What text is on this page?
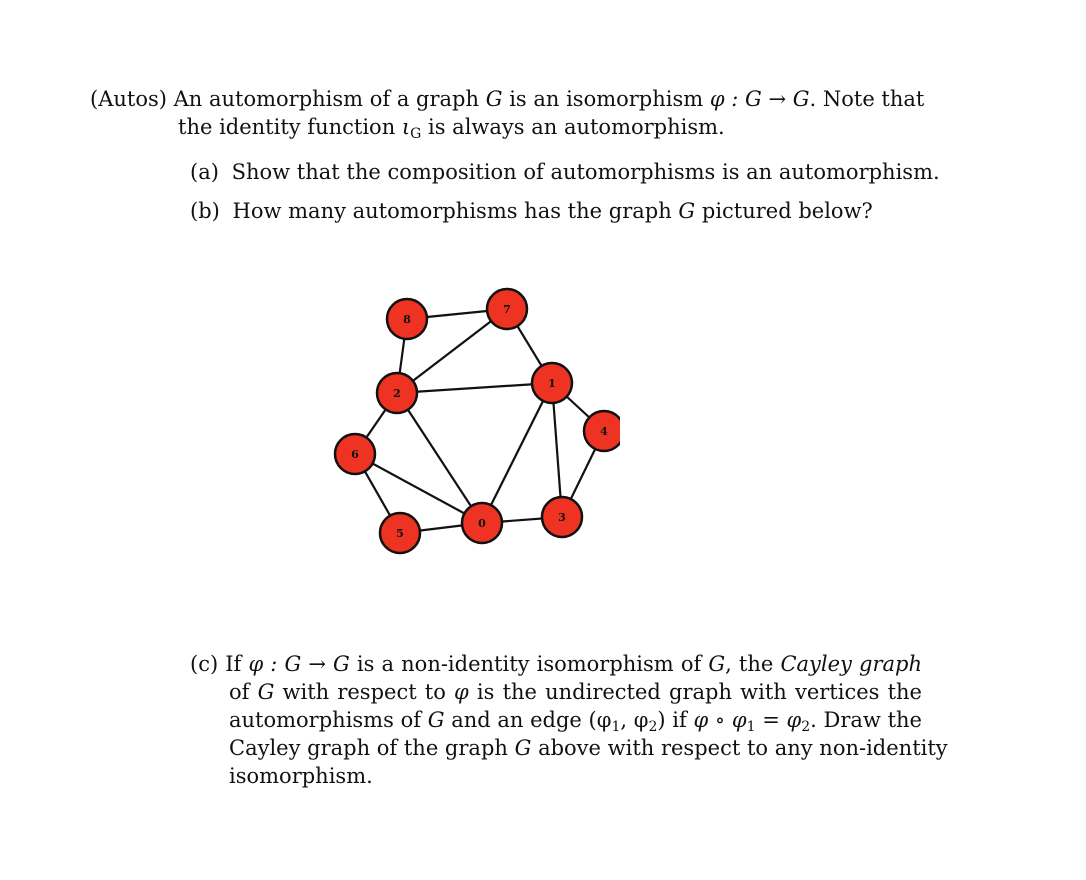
(Autos) An automorphism of a graph G is an isomorphism φ : G → G. Note that
the identity function $\iota_G$ is always an automorphism.
(a) Show that the composition of automorphisms is an automorphism.
(b) How many automorphisms has the graph G pictured below?
0
1
2
3
4
5
6
7
8
(c) If φ : G → G is a non-identity isomorphism of G, the Cayley graph
of G with respect to φ is the undirected graph with vertices the
automorphisms of G and an edge ($\varphi_1$, $\varphi_2$) if φ ∘ $\varphi_1 = \varphi_2$. Draw the
Cayley graph of the graph G above with respect to any non-identity
isomorphism.
